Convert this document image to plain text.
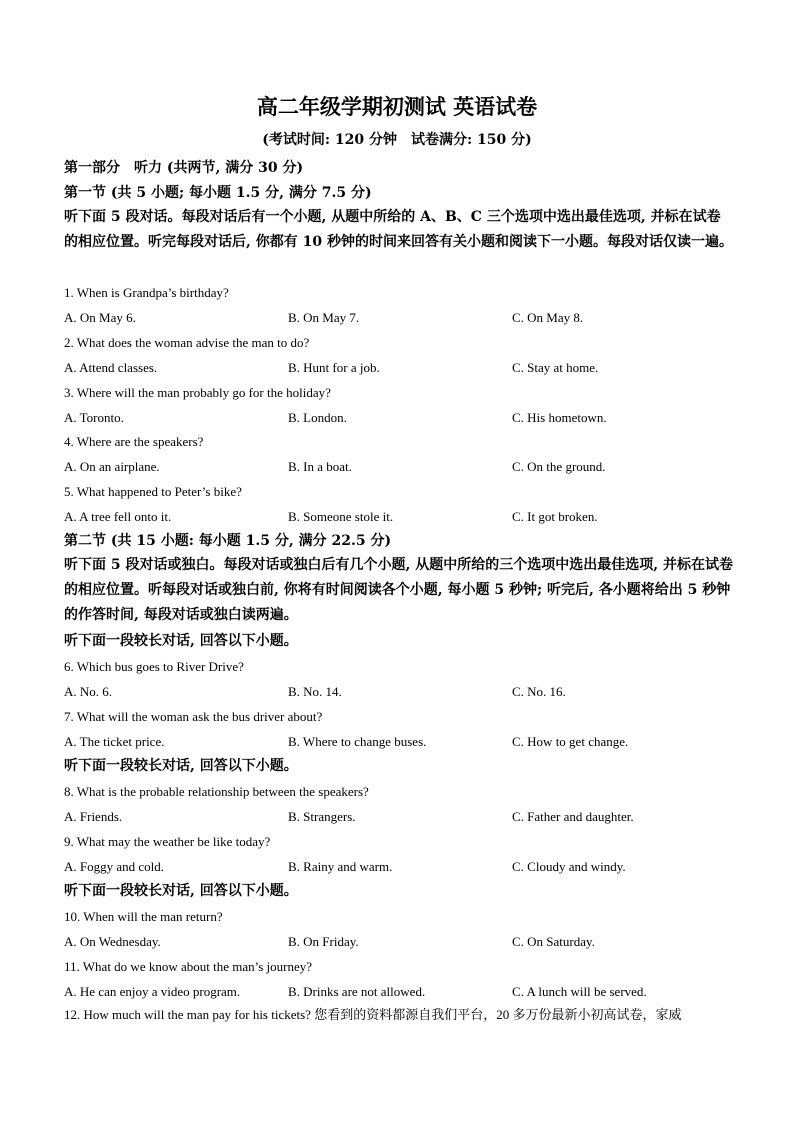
高二年级学期初测试 英语试卷
(考试时间: 120 分钟　试卷满分: 150 分)
第一部分　听力 (共两节, 满分 30 分)
第一节 (共 5 小题; 每小题 1.5 分, 满分 7.5 分)

听下面 5 段对话。每段对话后有一个小题, 从题中所给的 A、B、C 三个选项中选出最佳选项, 并标在试卷的相应位置。听完每段对话后, 你都有 10 秒钟的时间来回答有关小题和阅读下一小题。每段对话仅读一遍。

1. When is Grandpa’s birthday?
A. On May 6.	B. On May 7.	C. On May 8.
2. What does the woman advise the man to do?
A. Attend classes.	B. Hunt for a job.	C. Stay at home.
3. Where will the man probably go for the holiday?
A. Toronto.	B. London.	C. His hometown.
4. Where are the speakers?
A. On an airplane.	B. In a boat.	C. On the ground.
5. What happened to Peter’s bike?
A. A tree fell onto it.	B. Someone stole it.	C. It got broken.
第二节 (共 15 小题: 每小题 1.5 分, 满分 22.5 分)

听下面 5 段对话或独白。每段对话或独白后有几个小题, 从题中所给的三个选项中选出最佳选项, 并标在试卷的相应位置。听每段对话或独白前, 你将有时间阅读各个小题, 每小题 5 秒钟; 听完后, 各小题将给出 5 秒钟的作答时间, 每段对话或独白读两遍。

听下面一段较长对话, 回答以下小题。
6. Which bus goes to River Drive?
A. No. 6.	B. No. 14.	C. No. 16.
7. What will the woman ask the bus driver about?
A. The ticket price.	B. Where to change buses.	C. How to get change.
听下面一段较长对话, 回答以下小题。
8. What is the probable relationship between the speakers?
A. Friends.	B. Strangers.	C. Father and daughter.
9. What may the weather be like today?
A. Foggy and cold.	B. Rainy and warm.	C. Cloudy and windy.
听下面一段较长对话, 回答以下小题。
10. When will the man return?
A. On Wednesday.	B. On Friday.	C. On Saturday.
11. What do we know about the man’s journey?
A. He can enjoy a video program.	B. Drinks are not allowed.	C. A lunch will be served.
12. How much will the man pay for his tickets? 您看到的资料都源自我们平台，20 多万份最新小初高试卷，家威
